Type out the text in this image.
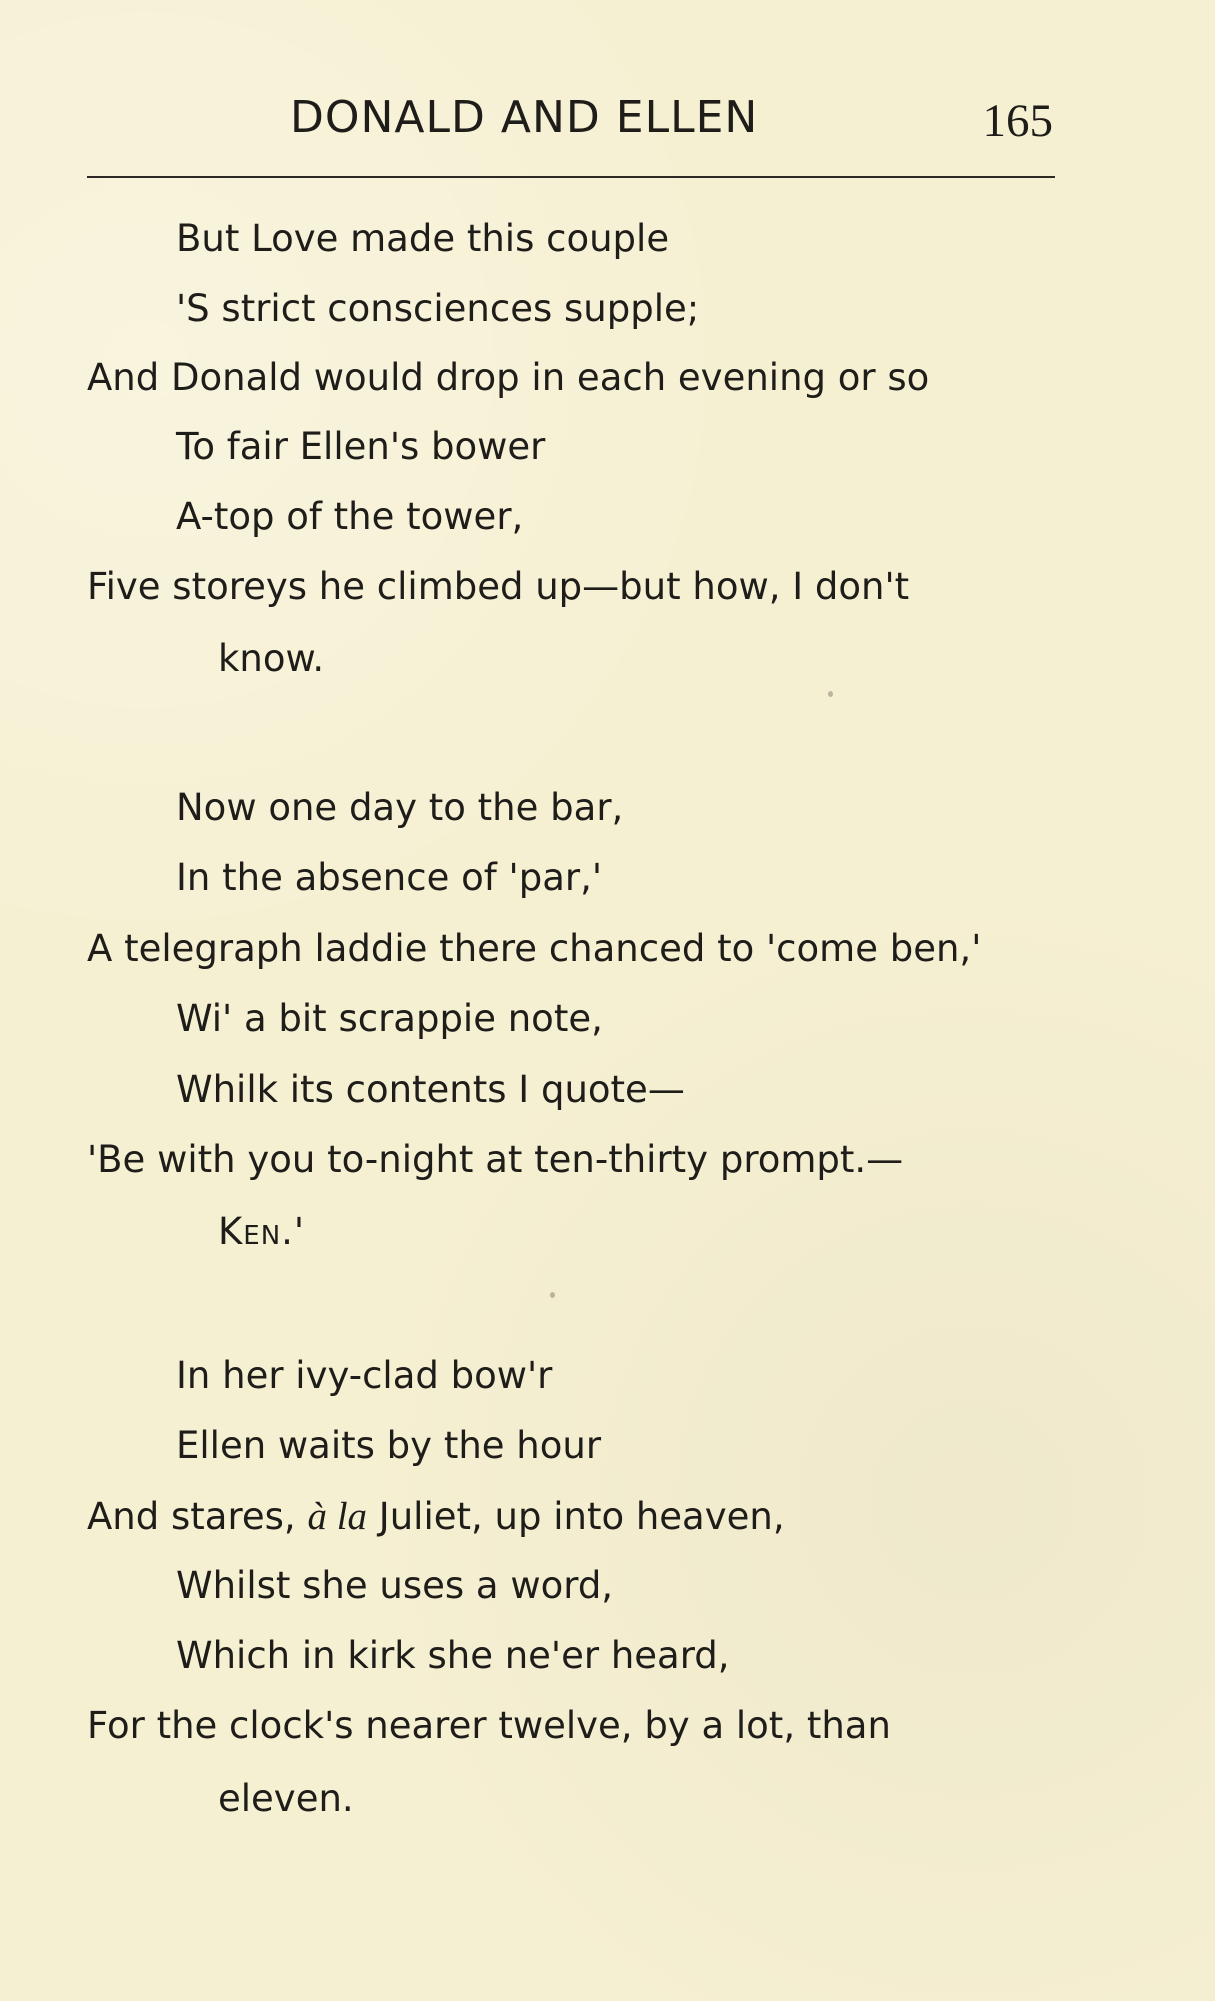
DONALD AND ELLEN	165
But Love made this couple
'S strict consciences supple;
And Donald would drop in each evening or so
To fair Ellen's bower
A-top of the tower,
Five storeys he climbed up—but how, I don't
know.
Now one day to the bar,
In the absence of 'par,'
A telegraph laddie there chanced to 'come ben,'
Wi' a bit scrappie note,
Whilk its contents I quote—
'Be with you to-night at ten-thirty prompt.—
Ken.'
In her ivy-clad bow'r
Ellen waits by the hour
And stares, à la Juliet, up into heaven,
Whilst she uses a word,
Which in kirk she ne'er heard,
For the clock's nearer twelve, by a lot, than
eleven.
